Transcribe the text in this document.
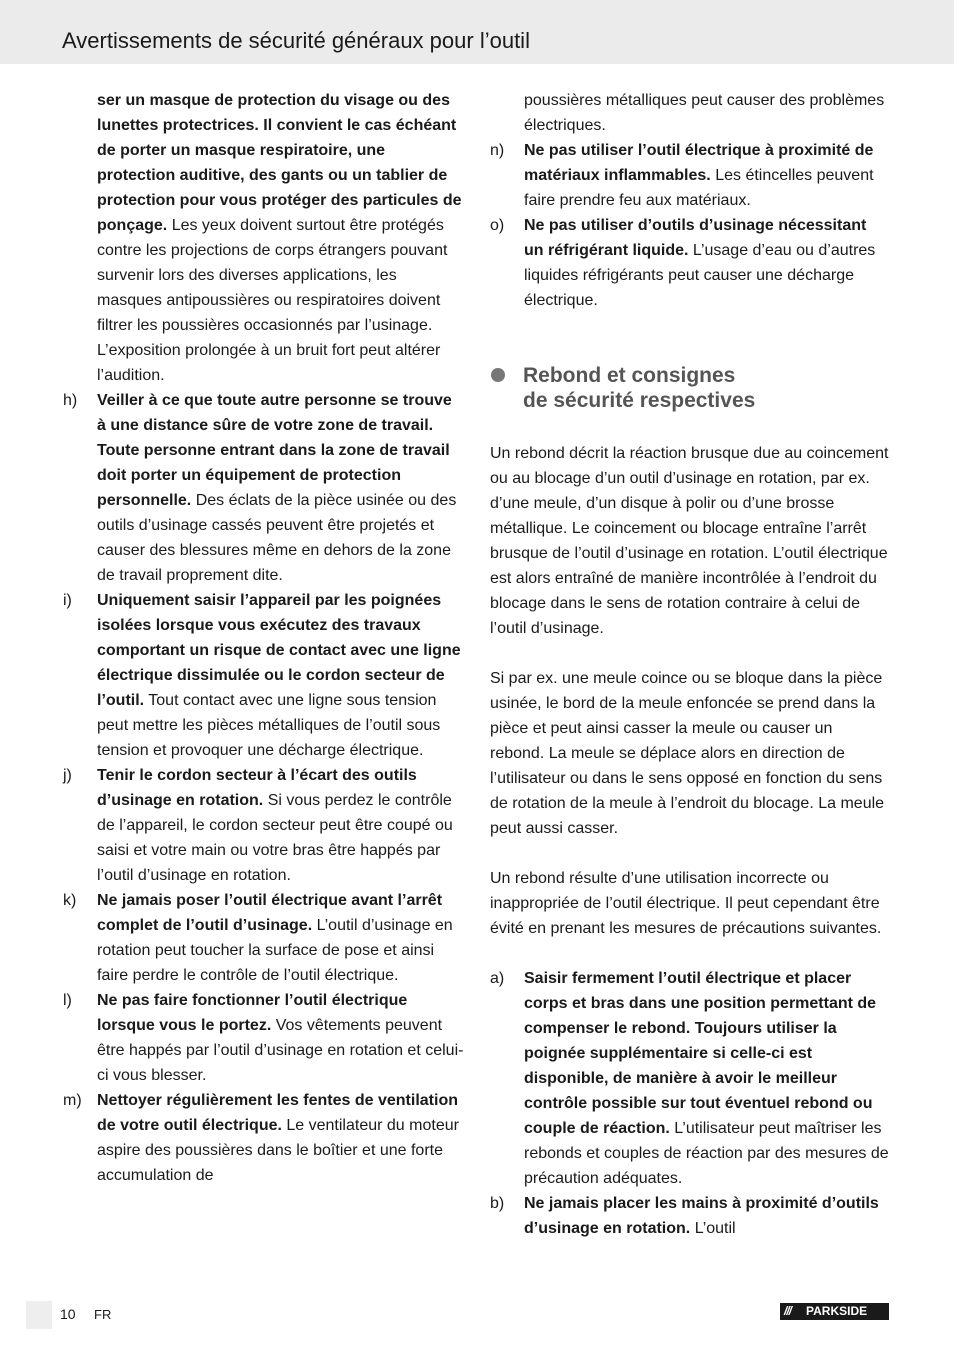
Avertissements de sécurité généraux pour l’outil
ser un masque de protection du visage ou des lunettes protectrices. Il convient le cas échéant de porter un masque respiratoire, une protection auditive, des gants ou un tablier de protection pour vous protéger des particules de ponçage. Les yeux doivent surtout être protégés contre les projections de corps étrangers pouvant survenir lors des diverses applications, les masques antipoussières ou respiratoires doivent filtrer les poussières occasionnés par l’usinage. L’exposition prolongée à un bruit fort peut altérer l’audition.
h) Veiller à ce que toute autre personne se trouve à une distance sûre de votre zone de travail. Toute personne entrant dans la zone de travail doit porter un équipement de protection personnelle. Des éclats de la pièce usinée ou des outils d’usinage cassés peuvent être projetés et causer des blessures même en dehors de la zone de travail proprement dite.
i) Uniquement saisir l’appareil par les poignées isolées lorsque vous exécutez des travaux comportant un risque de contact avec une ligne électrique dissimulée ou le cordon secteur de l’outil. Tout contact avec une ligne sous tension peut mettre les pièces métalliques de l’outil sous tension et provoquer une décharge électrique.
j) Tenir le cordon secteur à l’écart des outils d’usinage en rotation. Si vous perdez le contrôle de l’appareil, le cordon secteur peut être coupé ou saisi et votre main ou votre bras être happés par l’outil d’usinage en rotation.
k) Ne jamais poser l’outil électrique avant l’arrêt complet de l’outil d’usinage. L’outil d’usinage en rotation peut toucher la surface de pose et ainsi faire perdre le contrôle de l’outil électrique.
l) Ne pas faire fonctionner l’outil électrique lorsque vous le portez. Vos vêtements peuvent être happés par l’outil d’usinage en rotation et celui-ci vous blesser.
m) Nettoyer régulièrement les fentes de ventilation de votre outil électrique. Le ventilateur du moteur aspire des poussières dans le boîtier et une forte accumulation de
poussières métalliques peut causer des problèmes électriques.
n) Ne pas utiliser l’outil électrique à proximité de matériaux inflammables. Les étincelles peuvent faire prendre feu aux matériaux.
o) Ne pas utiliser d’outils d’usinage nécessitant un réfrigérant liquide. L’usage d’eau ou d’autres liquides réfrigérants peut causer une décharge électrique.
Rebond et consignes
de sécurité respectives
Un rebond décrit la réaction brusque due au coincement ou au blocage d’un outil d’usinage en rotation, par ex. d’une meule, d’un disque à polir ou d’une brosse métallique. Le coincement ou blocage entraîne l’arrêt brusque de l’outil d’usinage en rotation. L’outil électrique est alors entraîné de manière incontrôlée à l’endroit du blocage dans le sens de rotation contraire à celui de l’outil d’usinage.
Si par ex. une meule coince ou se bloque dans la pièce usinée, le bord de la meule enfoncée se prend dans la pièce et peut ainsi casser la meule ou causer un rebond. La meule se déplace alors en direction de l’utilisateur ou dans le sens opposé en fonction du sens de rotation de la meule à l’endroit du blocage. La meule peut aussi casser.
Un rebond résulte d’une utilisation incorrecte ou inappropriée de l’outil électrique. Il peut cependant être évité en prenant les mesures de précautions suivantes.
a) Saisir fermement l’outil électrique et placer corps et bras dans une position permettant de compenser le rebond. Toujours utiliser la poignée supplémentaire si celle-ci est disponible, de manière à avoir le meilleur contrôle possible sur tout éventuel rebond ou couple de réaction. L’utilisateur peut maîtriser les rebonds et couples de réaction par des mesures de précaution adéquates.
b) Ne jamais placer les mains à proximité d’outils d’usinage en rotation. L’outil
10 FR	/// PARKSIDE
